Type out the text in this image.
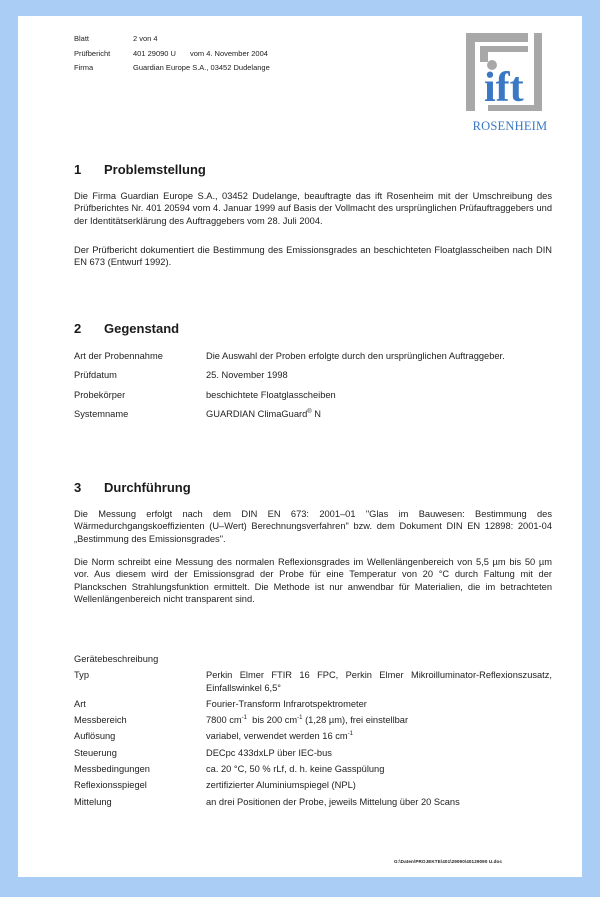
Blatt	2 von 4
Prüfbericht	401 29090 U vom 4. November 2004
Firma	Guardian Europe S.A., 03452 Dudelange	ift
ROSENHEIM
1	Problemstellung
Die Firma Guardian Europe S.A., 03452 Dudelange, beauftragte das ift Rosenheim mit der Umschreibung des Prüfberichtes Nr. 401 20594 vom 4. Januar 1999 auf Basis der Vollmacht des ursprünglichen Prüfauftraggebers und der Identitätserklärung des Auftraggebers vom 28. Juli 2004.
Der Prüfbericht dokumentiert die Bestimmung des Emissionsgrades an beschichteten Floatglasscheiben nach DIN EN 673 (Entwurf 1992).
2	Gegenstand
Art der Probennahme	Die Auswahl der Proben erfolgte durch den ursprünglichen Auftraggeber.
Prüfdatum	25. November 1998
Probekörper	beschichtete Floatglasscheiben
Systemname	GUARDIAN ClimaGuard® N
3	Durchführung
Die Messung erfolgt nach dem DIN EN 673: 2001–01 "Glas im Bauwesen: Bestimmung des Wärmedurchgangskoeffizienten (U–Wert) Berechnungsverfahren" bzw. dem Dokument DIN EN 12898: 2001-04 „Bestimmung des Emissionsgrades".
Die Norm schreibt eine Messung des normalen Reflexionsgrades im Wellenlängenbereich von 5,5 µm bis 50 µm vor. Aus diesem wird der Emissionsgrad der Probe für eine Temperatur von 20 °C durch Faltung mit der Planckschen Strahlungsfunktion ermittelt. Die Methode ist nur anwendbar für Materialien, die im betrachteten Wellenlängenbereich nicht transparent sind.
Gerätebeschreibung
Typ	Perkin Elmer FTIR 16 FPC, Perkin Elmer Mikroilluminator-Reflexionszusatz, Einfallswinkel 6,5°
Art	Fourier-Transform Infrarotspektrometer
Messbereich	7800 $cm^{-1}$  bis 200 $cm^{-1}$ (1,28 µm), frei einstellbar
Auflösung	variabel, verwendet werden 16 $cm^{-1}$
Steuerung	DECpc 433dxLP über IEC-bus
Messbedingungen	ca. 20 °C, 50 % rLf, d. h. keine Gasspülung
Reflexionsspiegel	zertifizierter Aluminiumspiegel (NPL)
Mittelung	an drei Positionen der Probe, jeweils Mittelung über 20 Scans
G:\Daten\PROJEKTE\401\29090\40129090 U.doc
